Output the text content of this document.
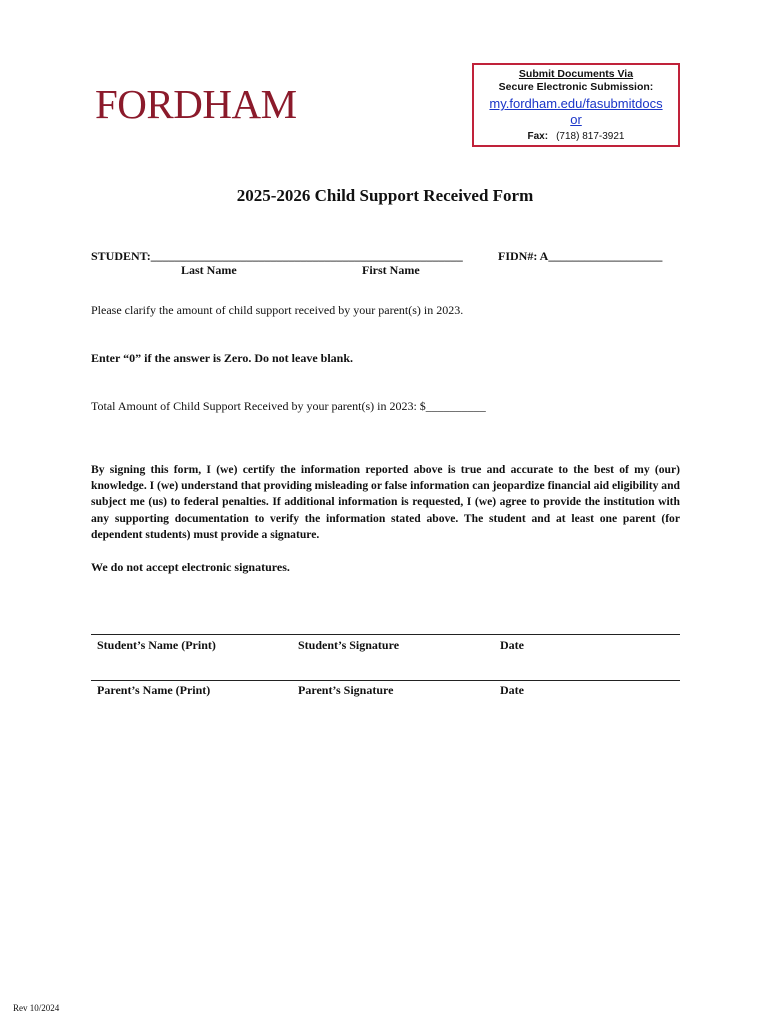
FORDHAM
Submit Documents Via
Secure Electronic Submission:
my.fordham.edu/fasubmitdocs
or
Fax: (718) 817-3921
2025-2026 Child Support Received Form
STUDENT:____________________________________________________	FIDN#: A___________________
Last Name	First Name
Please clarify the amount of child support received by your parent(s) in 2023.
Enter “0” if the answer is Zero. Do not leave blank.
Total Amount of Child Support Received by your parent(s) in 2023: $__________
By signing this form, I (we) certify the information reported above is true and accurate to the best of my (our) knowledge. I (we) understand that providing misleading or false information can jeopardize financial aid eligibility and subject me (us) to federal penalties. If additional information is requested, I (we) agree to provide the institution with any supporting documentation to verify the information stated above. The student and at least one parent (for dependent students) must provide a signature.
We do not accept electronic signatures.
Student’s Name (Print)	Student’s Signature	Date
Parent’s Name (Print)	Parent’s Signature	Date
Rev 10/2024
